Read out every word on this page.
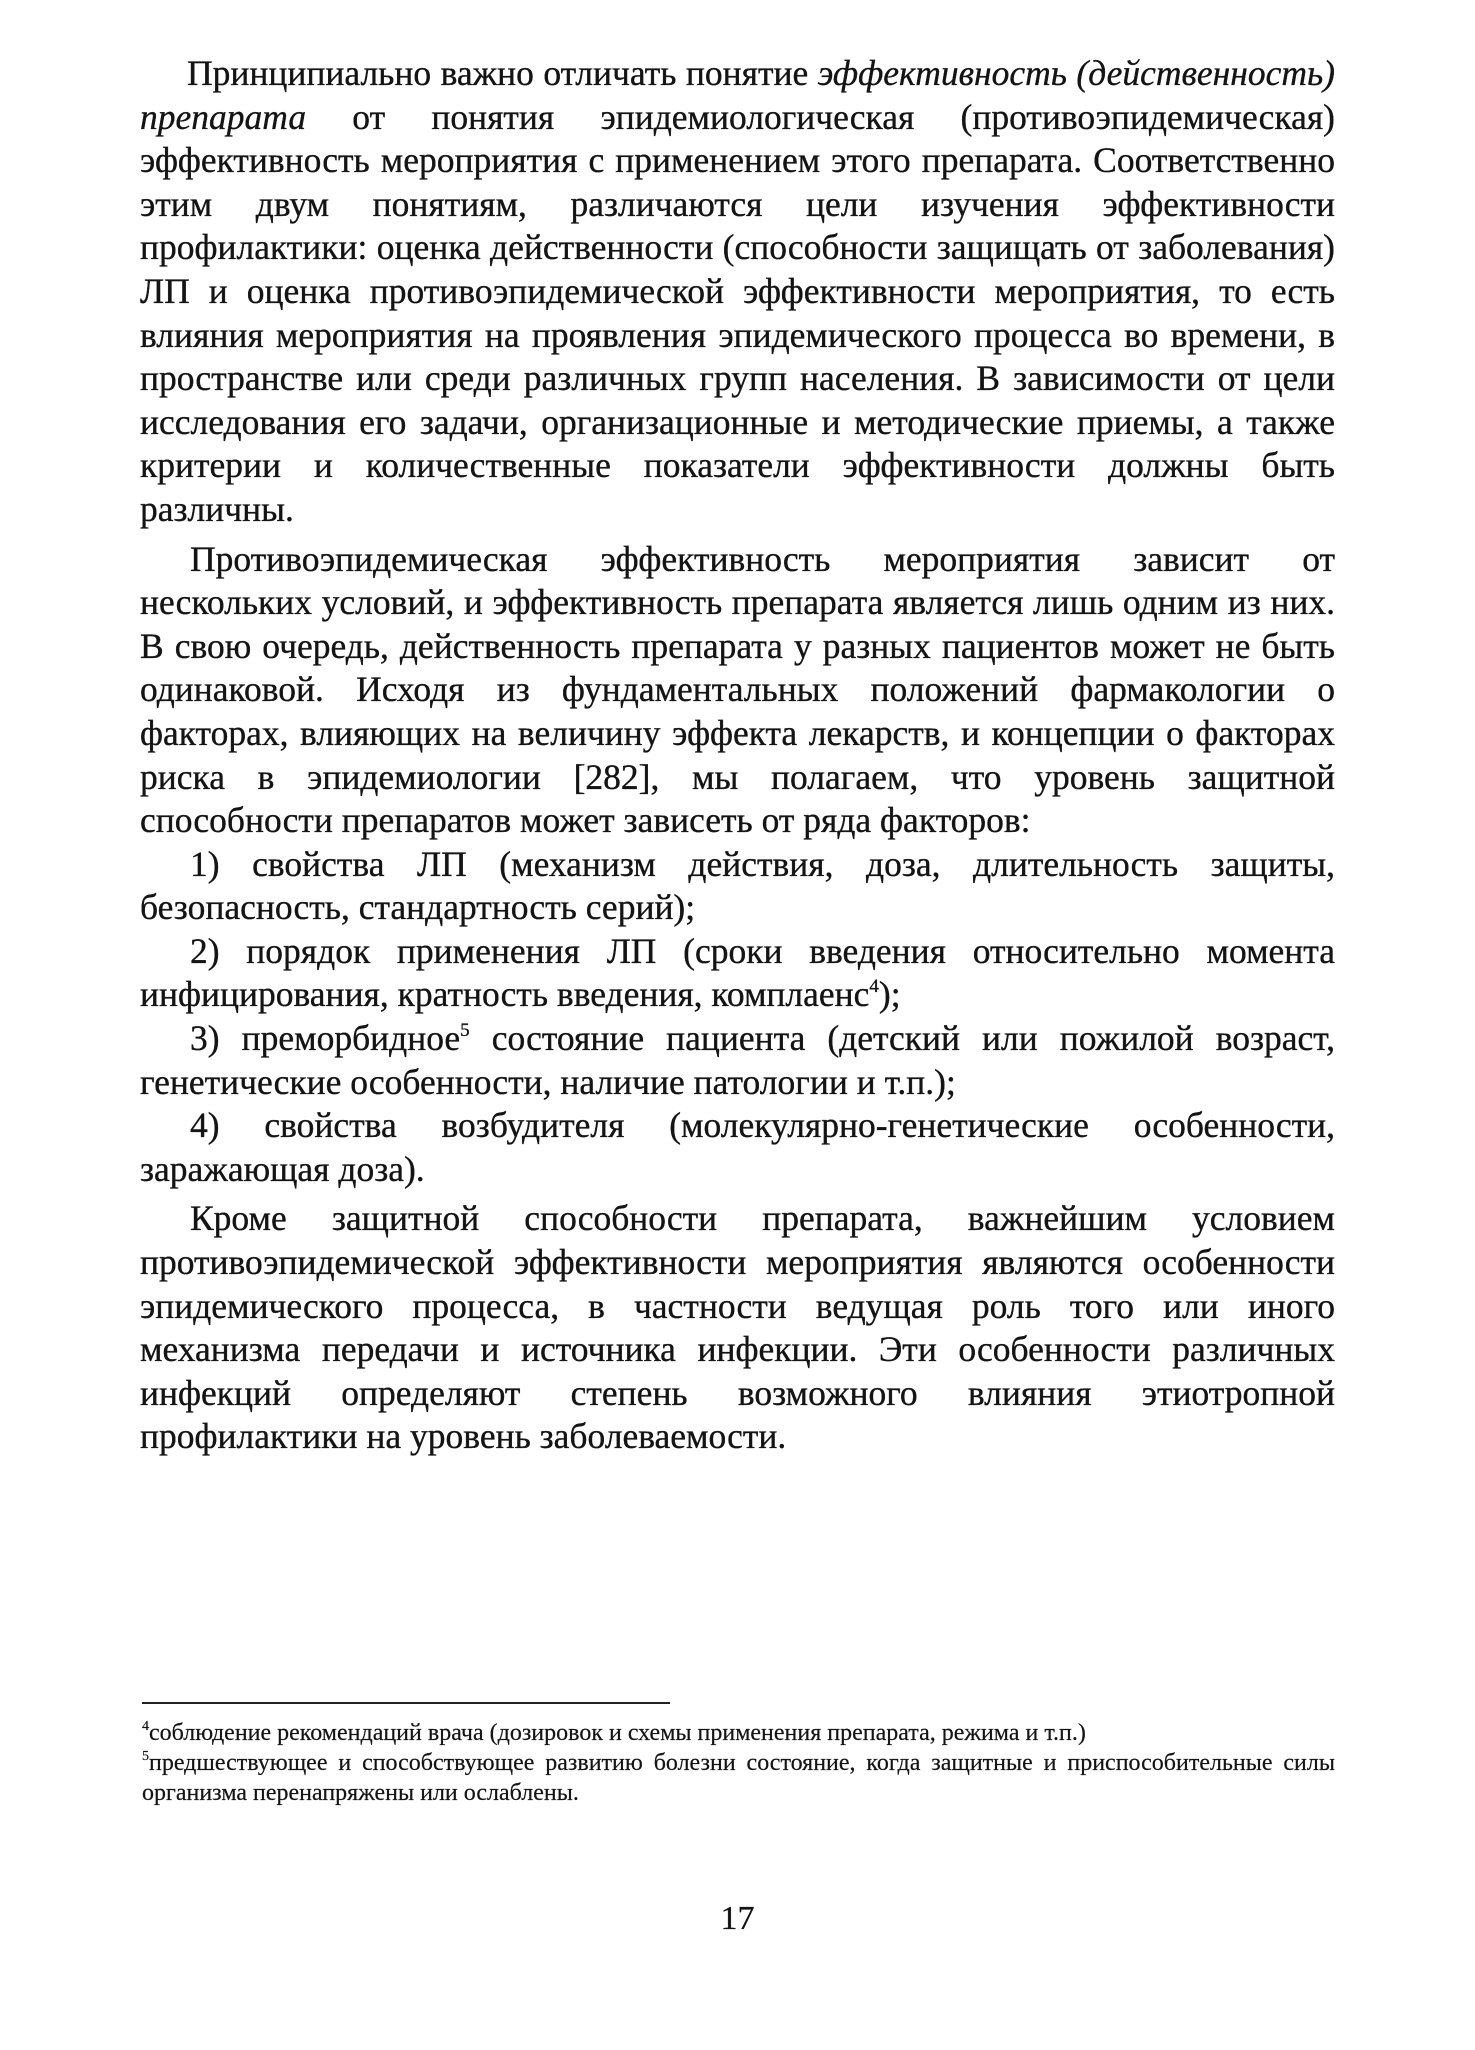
Принципиально важно отличать понятие эффективность (действенность) препарата от понятия эпидемиологическая (противоэпидемическая) эффективность мероприятия с применением этого препарата. Соответственно этим двум понятиям, различаются цели изучения эффективности профилактики: оценка действенности (способности защищать от заболевания) ЛП и оценка противоэпидемической эффективности мероприятия, то есть влияния мероприятия на проявления эпидемического процесса во времени, в пространстве или среди различных групп населения. В зависимости от цели исследования его задачи, организационные и методические приемы, а также критерии и количественные показатели эффективности должны быть различны.

Противоэпидемическая эффективность мероприятия зависит от нескольких условий, и эффективность препарата является лишь одним из них. В свою очередь, действенность препарата у разных пациентов может не быть одинаковой. Исходя из фундаментальных положений фармакологии о факторах, влияющих на величину эффекта лекарств, и концепции о факторах риска в эпидемиологии [282], мы полагаем, что уровень защитной способности препаратов может зависеть от ряда факторов:

1) свойства ЛП (механизм действия, доза, длительность защиты, безопасность, стандартность серий);

2) порядок применения ЛП (сроки введения относительно момента инфицирования, кратность введения, комплаенс$^4$);

3) преморбидное$^5$ состояние пациента (детский или пожилой возраст, генетические особенности, наличие патологии и т.п.);

4) свойства возбудителя (молекулярно-генетические особенности, заражающая доза).

Кроме защитной способности препарата, важнейшим условием противоэпидемической эффективности мероприятия являются особенности эпидемического процесса, в частности ведущая роль того или иного механизма передачи и источника инфекции. Эти особенности различных инфекций определяют степень возможного влияния этиотропной профилактики на уровень заболеваемости.

$^4$соблюдение рекомендаций врача (дозировок и схемы применения препарата, режима и т.п.)

$^5$предшествующее и способствующее развитию болезни состояние, когда защитные и приспособительные силы организма перенапряжены или ослаблены.

17
